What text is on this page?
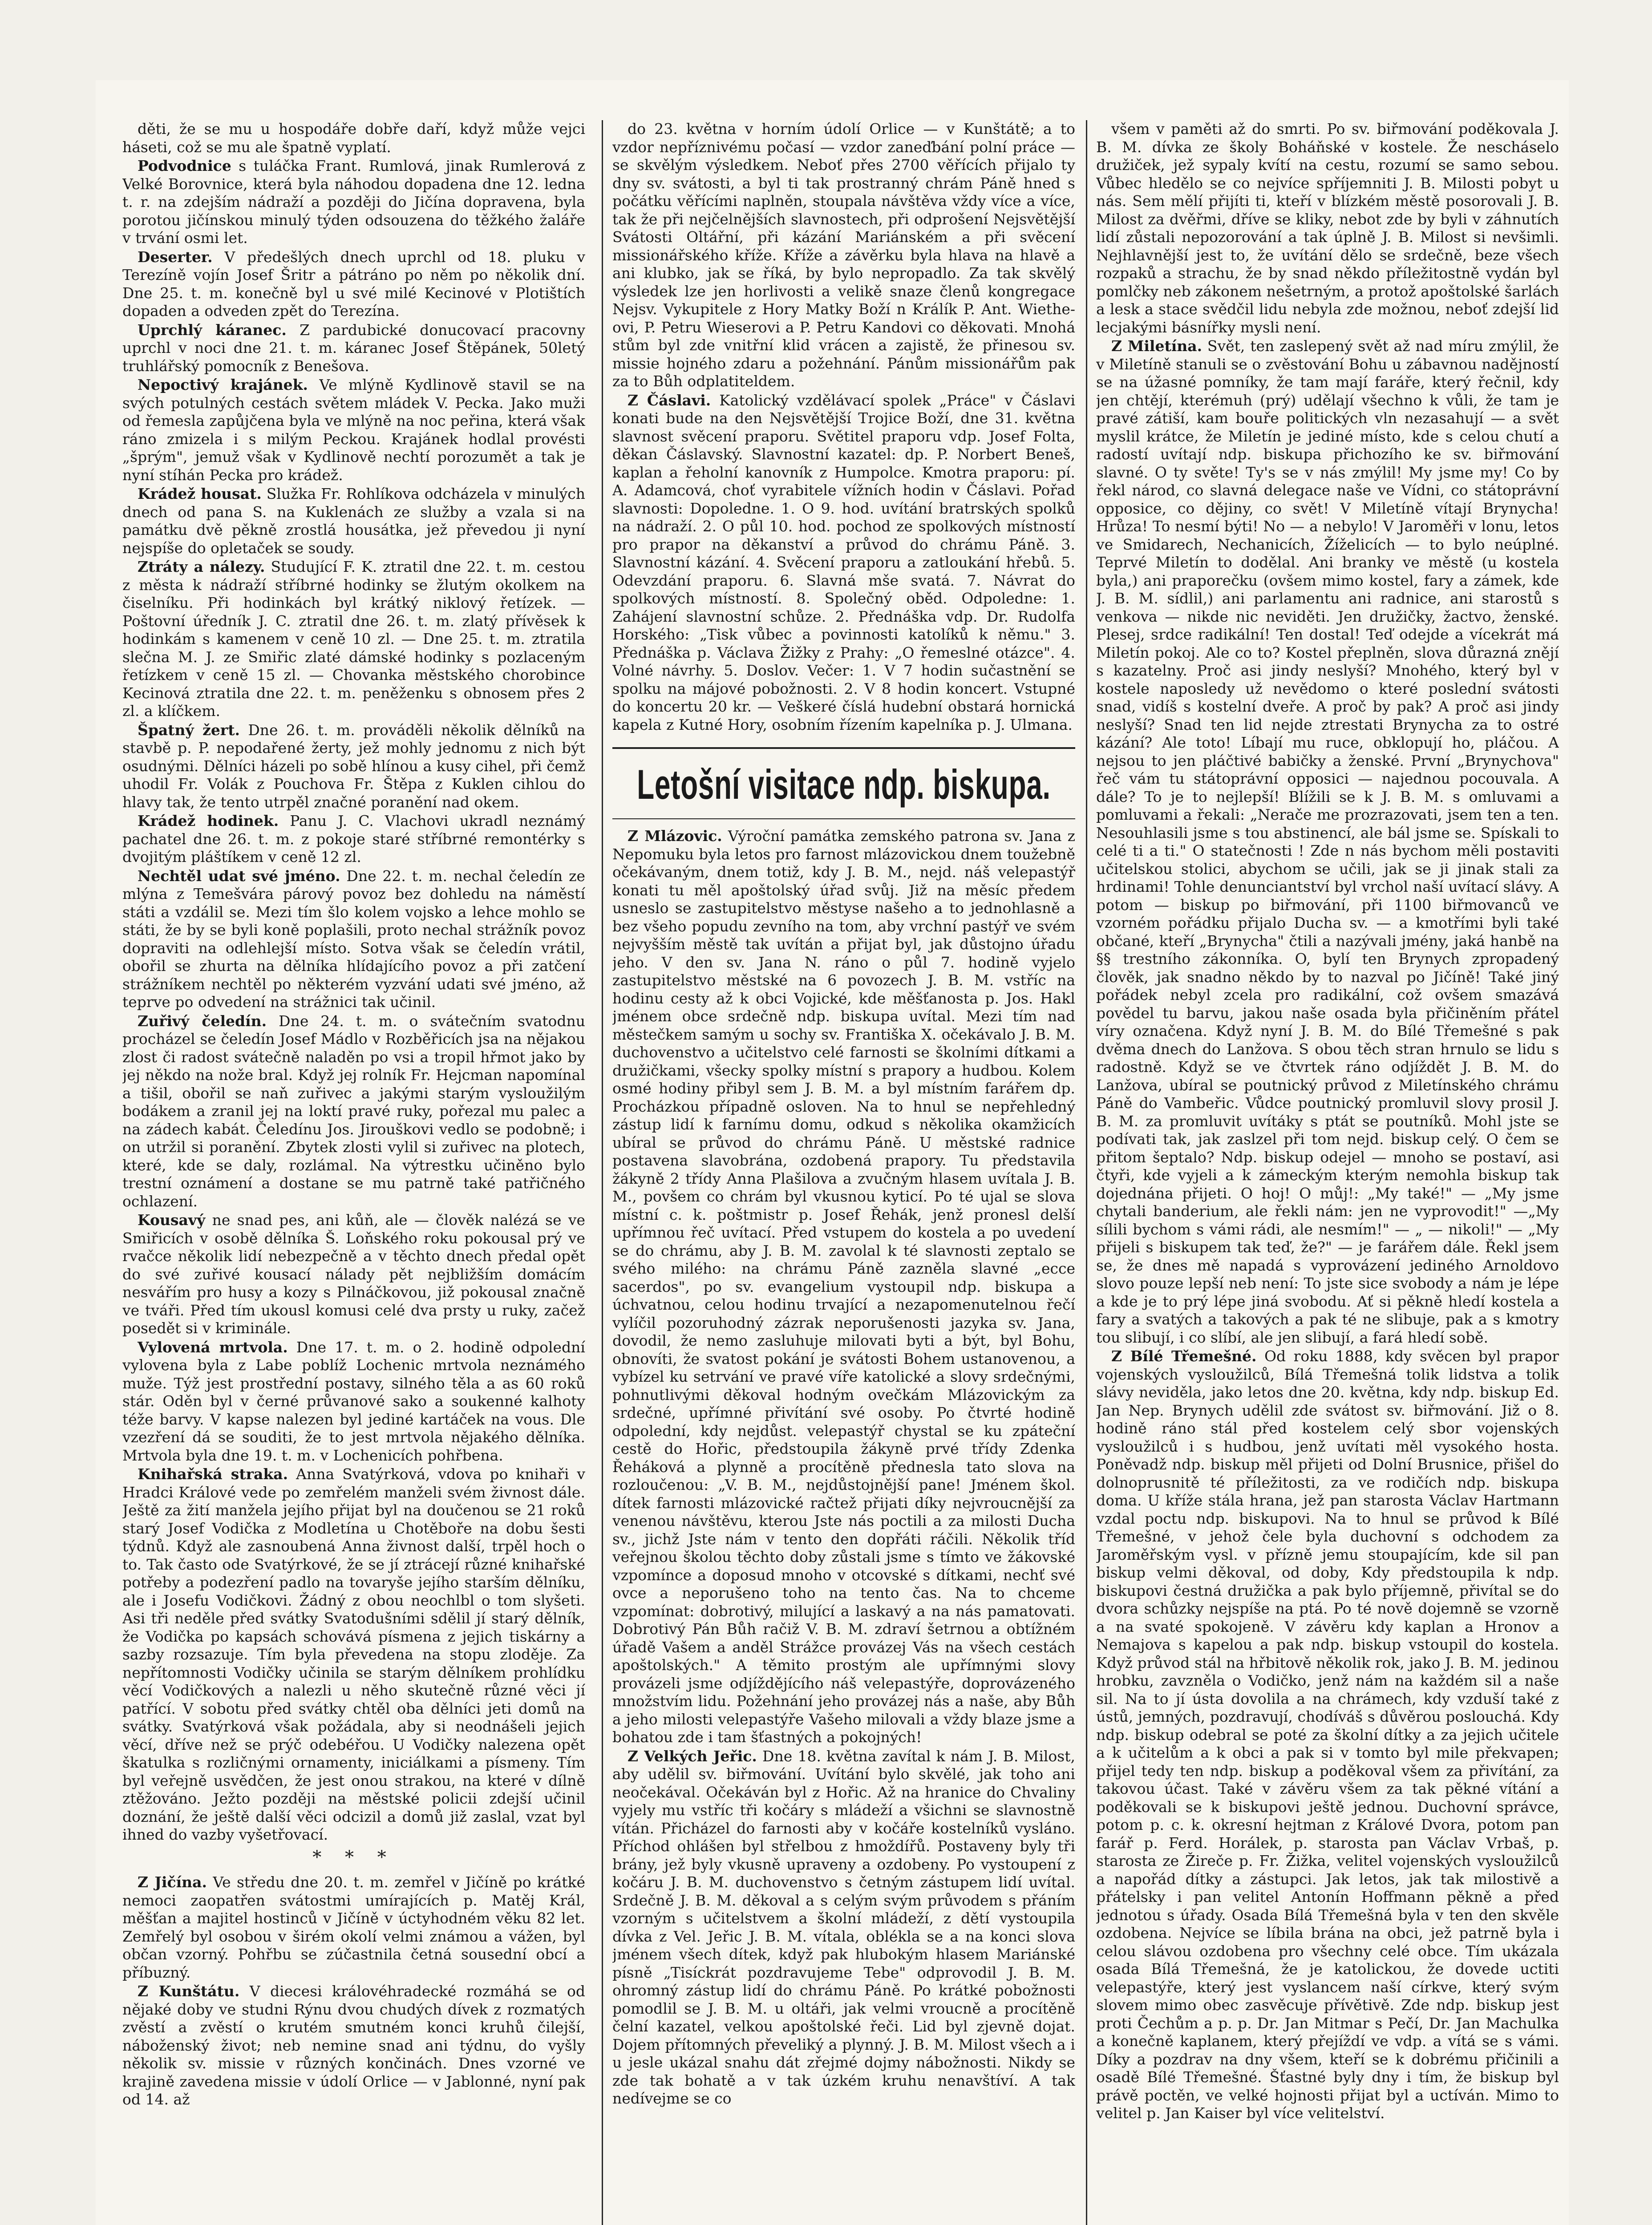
děti, že se mu u hospodáře dobře daří, když může vejci háseti, což se mu ale špatně vyplatí.

Podvodnice s tuláčka Frant. Rumlová, jinak Rumlerová z Velké Borovnice, která byla náhodou dopadena dne 12. ledna t. r. na zdejším nádraží a později do Jičína dopravena, byla porotou jičínskou minulý týden odsouzena do těžkého žaláře v trvání osmi let.

Deserter. V předešlých dnech uprchl od 18. pluku v Terezíně vojín Josef Šritr a pátráno po něm po několik dní. Dne 25. t. m. konečně byl u své milé Kecinové v Plotištích dopaden a odveden zpět do Terezína.

Uprchlý káranec. Z pardubické donucovací pracovny uprchl v noci dne 21. t. m. káranec Josef Štěpánek, 50letý truhlářský pomocník z Benešova.

Nepoctivý krajánek. Ve mlýně Kydlinově stavil se na svých potulných cestách světem mládek V. Pecka. Jako muži od řemesla zapůjčena byla ve mlýně na noc peřina, která však ráno zmizela i s milým Peckou. Krajánek hodlal provésti „šprým", jemuž však v Kydlinově nechtí porozumět a tak je nyní stíhán Pecka pro krádež.

Krádež housat. Služka Fr. Rohlíkova odcházela v minulých dnech od pana S. na Kuklenách ze služby a vzala si na památku dvě pěkně zrostlá housátka, jež převedou ji nyní nejspíše do opletaček se soudy.

Ztráty a nálezy. Studující F. K. ztratil dne 22. t. m. cestou z města k nádraží stříbrné hodinky se žlutým okolkem na čiselníku. Při hodinkách byl krátký niklový řetízek. — Poštovní úředník J. C. ztratil dne 26. t. m. zlatý přívěsek k hodinkám s kamenem v ceně 10 zl. — Dne 25. t. m. ztratila slečna M. J. ze Smiřic zlaté dámské hodinky s pozlaceným řetízkem v ceně 15 zl. — Chovanka městského chorobince Kecinová ztratila dne 22. t. m. peněženku s obnosem přes 2 zl. a klíčkem.

Špatný žert. Dne 26. t. m. prováděli několik dělníků na stavbě p. P. nepodařené žerty, jež mohly jednomu z nich být osudnými. Dělníci házeli po sobě hlínou a kusy cihel, při čemž uhodil Fr. Volák z Pouchova Fr. Štěpa z Kuklen cihlou do hlavy tak, že tento utrpěl značné poranění nad okem.

Krádež hodinek. Panu J. C. Vlachovi ukradl neznámý pachatel dne 26. t. m. z pokoje staré stříbrné remontérky s dvojitým pláštíkem v ceně 12 zl.

Nechtěl udat své jméno. Dne 22. t. m. nechal čeledín ze mlýna z Temešvára párový povoz bez dohledu na náměstí státi a vzdálil se. Mezi tím šlo kolem vojsko a lehce mohlo se státi, že by se byli koně poplašili, proto nechal strážník povoz dopraviti na odlehlejší místo. Sotva však se čeledín vrátil, obořil se zhurta na dělníka hlídajícího povoz a při zatčení strážníkem nechtěl po některém vyzvání udati své jméno, až teprve po odvedení na strážnici tak učinil.

Zuřivý čeledín. Dne 24. t. m. o svátečním svatodnu procházel se čeledín Josef Mádlo v Rozběřicích jsa na nějakou zlost či radost svátečně naladěn po vsi a tropil hřmot jako by jej někdo na nože bral. Když jej rolník Fr. Hejcman napomínal a tišil, obořil se naň zuřivec a jakými starým vysloužilým bodákem a zranil jej na loktí pravé ruky, pořezal mu palec a na zádech kabát. Čeledínu Jos. Jirouškovi vedlo se podobně; i on utržil si poranění. Zbytek zlosti vylil si zuřivec na plotech, které, kde se daly, rozlámal. Na výtrestku učiněno bylo trestní oznámení a dostane se mu patrně také patřičného ochlazení.

Kousavý ne snad pes, ani kůň, ale — člověk nalézá se ve Smiřicích v osobě dělníka Š. Loňského roku pokousal prý ve rvačce několik lidí nebezpečně a v těchto dnech předal opět do své zuřivé kousací nálady pět nejbližším domácím nesvářím pro husy a kozy s Pilnáčkovou, již pokousal značně ve tváři. Před tím ukousl komusi celé dva prsty u ruky, začež posedět si v kriminále.

Vylovená mrtvola. Dne 17. t. m. o 2. hodině odpolední vylovena byla z Labe poblíž Lochenic mrtvola neznámého muže. Týž jest prostřední postavy, silného těla a as 60 roků stár. Oděn byl v černé průvanové sako a soukenné kalhoty téže barvy. V kapse nalezen byl jediné kartáček na vous. Dle vzezření dá se souditi, že to jest mrtvola nějakého dělníka. Mrtvola byla dne 19. t. m. v Lochenicích pohřbena.

Knihařská straka. Anna Svatýrková, vdova po knihaři v Hradci Králové vede po zemřelém manželi svém živnost dále. Ještě za žití manžela jejího přijat byl na doučenou se 21 roků starý Josef Vodička z Modletína u Chotěboře na dobu šesti týdnů. Když ale zasnoubená Anna živnost další, trpěl hoch o to. Tak často ode Svatýrkové, že se jí ztrácejí různé knihařské potřeby a podezření padlo na tovaryše jejího starším dělníku, ale i Josefu Vodičkovi. Žádný z obou neochlbl o tom slyšeti. Asi tři neděle před svátky Svatodušními sdělil jí starý dělník, že Vodička po kapsách schovává písmena z jejich tiskárny a sazby rozsazuje. Tím byla převedena na stopu zloděje. Za nepřítomnosti Vodičky učinila se starým dělníkem prohlídku věcí Vodičkových a nalezli u něho skutečně různé věci jí patřící. V sobotu před svátky chtěl oba dělníci jeti domů na svátky. Svatýrková však požádala, aby si neodnášeli jejich věcí, dříve než se prýč odebéřou. U Vodičky nalezena opět škatulka s rozličnými ornamenty, iniciálkami a písmeny. Tím byl veřejně usvědčen, že jest onou strakou, na které v dílně ztěžováno. Ježto později na městské policii zdejší učinil doznání, že ještě další věci odcizil a domů již zaslal, vzat byl ihned do vazby vyšetřovací.

* * *

Z Jičína. Ve středu dne 20. t. m. zemřel v Jičíně po krátké nemoci zaopatřen svátostmi umírajících p. Matěj Král, měšťan a majitel hostinců v Jičíně v úctyhodném věku 82 let. Zemřelý byl osobou v širém okolí velmi známou a vážen, byl občan vzorný. Pohřbu se zúčastnila četná sousední obcí a příbuzný.

Z Kunštátu. V diecesi královéhradecké rozmáhá se od nějaké doby ve studni Rýnu dvou chudých dívek z rozmatých zvěstí a zvěstí o krutém smutném konci kruhů čilejší, náboženský život; neb nemine snad ani týdnu, do vyšly několik sv. missie v různých končinách. Dnes vzorné ve krajině zavedena missie v údolí Orlice — v Jablonné, nyní pak od 14. až

do 23. května v horním údolí Orlice — v Kunštátě; a to vzdor nepříznivému počasí — vzdor zaneďbání polní práce — se skvělým výsledkem. Neboť přes 2700 věřících přijalo ty dny sv. svátosti, a byl ti tak prostranný chrám Páně hned s počátku věřícími naplněn, stoupala návštěva vždy více a více, tak že při nejčelnějších slavnostech, při odprošení Nejsvětější Svátosti Oltářní, při kázání Mariánském a při svěcení missionářského kříže. Kříže a závěrku byla hlava na hlavě a ani klubko, jak se říká, by bylo nepropadlo. Za tak skvělý výsledek lze jen horlivosti a velikě snaze členů kongregace Nejsv. Vykupitele z Hory Matky Boží n Králík P. Ant. Wiethe-ovi, P. Petru Wieserovi a P. Petru Kandovi co děkovati. Mnohá stům byl zde vnitřní klid vrácen a zajistě, že přinesou sv. missie hojného zdaru a požehnání. Pánům missionářům pak za to Bůh odplatiteldem.

Z Čáslavi. Katolický vzdělávací spolek „Práce" v Čáslavi konati bude na den Nejsvětější Trojice Boží, dne 31. května slavnost svěcení praporu. Světitel praporu vdp. Josef Folta, děkan Čáslavský. Slavnostní kazatel: dp. P. Norbert Beneš, kaplan a řeholní kanovník z Humpolce. Kmotra praporu: pí. A. Adamcová, choť vyrabitele vížních hodin v Čáslavi. Pořad slavnosti: Dopoledne. 1. O 9. hod. uvítání bratrských spolků na nádraží. 2. O půl 10. hod. pochod ze spolkových místností pro prapor na děkanství a průvod do chrámu Páně. 3. Slavnostní kázání. 4. Svěcení praporu a zatloukání hřebů. 5. Odevzdání praporu. 6. Slavná mše svatá. 7. Návrat do spolkových místností. 8. Společný oběd. Odpoledne: 1. Zahájení slavnostní schůze. 2. Přednáška vdp. Dr. Rudolfa Horského: „Tisk vůbec a povinnosti katolíků k němu." 3. Přednáška p. Václava Žižky z Prahy: „O řemeslné otázce". 4. Volné návrhy. 5. Doslov. Večer: 1. V 7 hodin sučastnění se spolku na májové pobožnosti. 2. V 8 hodin koncert. Vstupné do koncertu 20 kr. — Veškeré číslá hudební obstará hornická kapela z Kutné Hory, osobním řízením kapelníka p. J. Ulmana.

Letošní visitace ndp. biskupa.

Z Mlázovic. Výroční památka zemského patrona sv. Jana z Nepomuku byla letos pro farnost mlázovickou dnem toužebně očekávaným, dnem totiž, kdy J. B. M., nejd. náš velepastýř konati tu měl apoštolský úřad svůj. Již na měsíc předem usneslo se zastupitelstvo městyse našeho a to jednohlasně a bez všeho popudu zevního na tom, aby vrchní pastýř ve svém nejvyšším městě tak uvítán a přijat byl, jak důstojno úřadu jeho. V den sv. Jana N. ráno o půl 7. hodině vyjelo zastupitelstvo městské na 6 povozech J. B. M. vstříc na hodinu cesty až k obci Vojické, kde měšťanosta p. Jos. Hakl jménem obce srdečně ndp. biskupa uvítal. Mezi tím nad městečkem samým u sochy sv. Františka X. očekávalo J. B. M. duchovenstvo a učitelstvo celé farnosti se školními dítkami a družičkami, všecky spolky místní s prapory a hudbou. Kolem osmé hodiny přibyl sem J. B. M. a byl místním farářem dp. Procházkou případně osloven. Na to hnul se nepřehledný zástup lidí k farnímu domu, odkud s několika okamžicích ubíral se průvod do chrámu Páně. U městské radnice postavena slavobrána, ozdobená prapory. Tu představila žákyně 2 třídy Anna Plašilova a zvučným hlasem uvítala J. B. M., povšem co chrám byl vkusnou kyticí. Po té ujal se slova místní c. k. poštmistr p. Josef Řehák, jenž pronesl delší upřímnou řeč uvítací. Před vstupem do kostela a po uvedení se do chrámu, aby J. B. M. zavolal k té slavnosti zeptalo se svého milého: na chrámu Páně zazněla slavné „ecce sacerdos", po sv. evangelium vystoupil ndp. biskupa a úchvatnou, celou hodinu trvající a nezapomenutelnou řečí vylíčil pozoruhodný zázrak neporušenosti jazyka sv. Jana, dovodil, že nemo zasluhuje milovati byti a být, byl Bohu, obnovíti, že svatost pokání je svátosti Bohem ustanovenou, a vybízel ku setrvání ve pravé víře katolické a slovy srdečnými, pohnutlivými děkoval hodným ovečkám Mlázovickým za srdečné, upřímné přivítání své osoby. Po čtvrté hodině odpolední, kdy nejdůst. velepastýř chystal se ku zpáteční cestě do Hořic, předstoupila žákyně prvé třídy Zdenka Řeháková a plynně a procítěně přednesla tato slova na rozloučenou: „V. B. M., nejdůstojnější pane! Jménem škol. dítek farnosti mlázovické račtež přijati díky nejvroucnější za venenou návštěvu, kterou Jste nás poctili a za milosti Ducha sv., jichž Jste nám v tento den dopřáti ráčili. Několik tříd veřejnou školou těchto doby zůstali jsme s tímto ve žákovské vzpomínce a doposud mnoho v otcovské s dítkami, nechť své ovce a neporušeno toho na tento čas. Na to chceme vzpomínat: dobrotivý, milující a laskavý a na nás pamatovati. Dobrotivý Pán Bůh račiž V. B. M. zdraví šetrnou a obtížném úřadě Vašem a anděl Strážce provázej Vás na všech cestách apoštolských." A těmito prostým ale upřímnými slovy provázeli jsme odjíždějícího náš velepastýře, doprovázeného množstvím lidu. Požehnání jeho provázej nás a naše, aby Bůh a jeho milosti velepastýře Vašeho milovali a vždy blaze jsme a bohatou zde i tam šťastných a pokojných!

Z Velkých Jeřic. Dne 18. května zavítal k nám J. B. Milost, aby udělil sv. biřmování. Uvítání bylo skvělé, jak toho ani neočekával. Očekáván byl z Hořic. Až na hranice do Chvaliny vyjely mu vstříc tři kočáry s mládeží a všichni se slavnostně vítán. Přicházel do farnosti aby v kočáře kostelníků vysláno. Příchod ohlášen byl střelbou z hmoždířů. Postaveny byly tři brány, jež byly vkusně upraveny a ozdobeny. Po vystoupení z kočáru J. B. M. duchovenstvo s četným zástupem lidí uvítal. Srdečně J. B. M. děkoval a s celým svým průvodem s přáním vzorným s učitelstvem a školní mládeží, z dětí vystoupila dívka z Vel. Jeřic J. B. M. vítala, oblékla se a na konci slova jménem všech dítek, když pak hlubokým hlasem Mariánské písně „Tisíckrát pozdravujeme Tebe" odprovodil J. B. M. ohromný zástup lidí do chrámu Páně. Po krátké pobožnosti pomodlil se J. B. M. u oltáři, jak velmi vroucně a procítěně čelní kazatel, velkou apoštolské řeči. Lid byl zjevně dojat. Dojem přítomných převeliký a plynný. J. B. M. Milost všech a i u jesle ukázal snahu dát zřejmé dojmy nábožnosti. Nikdy se zde tak bohatě a v tak úzkém kruhu nenavštíví. A tak nedívejme se co

všem v paměti až do smrti. Po sv. biřmování poděkovala J. B. M. dívka ze školy Boháňské v kostele. Že nescháselo družiček, jež sypaly kvítí na cestu, rozumí se samo sebou. Vůbec hledělo se co nejvíce spříjemniti J. B. Milosti pobyt u nás. Sem mělí přijíti ti, kteří v blízkém městě posorovali J. B. Milost za dvěřmi, dříve se kliky, nebot zde by byli v záhnutích lidí zůstali nepozorování a tak úplně J. B. Milost si nevšimli. Nejhlavnější jest to, že uvítání dělo se srdečně, beze všech rozpaků a strachu, že by snad někdo příležitostně vydán byl pomlčky neb zákonem nešetrným, a protož apoštolské šarlách a lesk a stace svědčil lidu nebyla zde možnou, neboť zdejší lid lecjakými básnířky mysli není.

Z Miletína. Svět, ten zaslepený svět až nad míru zmýlil, že v Miletíně stanuli se o zvěstování Bohu u zábavnou nadějností se na úžasné pomníky, že tam mají faráře, který řečnil, kdy jen chtějí, kterémuh (prý) udělají všechno k vůli, že tam je pravé zátiší, kam bouře politických vln nezasahují — a svět myslil krátce, že Miletín je jediné místo, kde s celou chutí a radostí uvítají ndp. biskupa přichozího ke sv. biřmování slavné. O ty světe! Ty's se v nás zmýlil! My jsme my! Co by řekl národ, co slavná delegace naše ve Vídni, co státoprávní opposice, co dějiny, co svět! V Miletíně vítají Brynycha! Hrůza! To nesmí býti! No — a nebylo! V Jaroměři v lonu, letos ve Smidarech, Nechanicích, Žíželicích — to bylo neúplné. Teprvé Miletín to dodělal. Ani branky ve městě (u kostela byla,) ani praporečku (ovšem mimo kostel, fary a zámek, kde J. B. M. sídlil,) ani parlamentu ani radnice, ani starostů s venkova — nikde nic neviděti. Jen družičky, žactvo, ženské. Plesej, srdce radikální! Ten dostal! Teď odejde a vícekrát má Miletín pokoj. Ale co to? Kostel přeplněn, slova důrazná znějí s kazatelny. Proč asi jindy neslyší? Mnohého, který byl v kostele naposledy už nevědomo o které poslední svátosti snad, vidíš s kostelní dveře. A proč by pak? A proč asi jindy neslyší? Snad ten lid nejde ztrestati Brynycha za to ostré kázání? Ale toto! Líbají mu ruce, obklopují ho, pláčou. A nejsou to jen pláčtivé babičky a ženské. První „Brynychova" řeč vám tu státoprávní opposici — najednou pocouvala. A dále? To je to nejlepší! Blížili se k J. B. M. s omluvami a pomluvami a řekali: „Nerače me prozrazovati, jsem ten a ten. Nesouhlasili jsme s tou abstinencí, ale bál jsme se. Spískali to celé ti a ti." O statečnosti ! Zde n nás bychom měli postaviti učitelskou stolici, abychom se učili, jak se ji jinak stali za hrdinami! Tohle denunciantství byl vrchol naší uvítací slávy. A potom — biskup po biřmování, při 1100 biřmovanců ve vzorném pořádku přijalo Ducha sv. — a kmotřími byli také občané, kteří „Brynycha" čtili a nazývali jmény, jaká hanbě na §§ trestního zákonníka. O, bylí ten Brynych zpropadený člověk, jak snadno někdo by to nazval po Jičíně! Také jiný pořádek nebyl zcela pro radikální, což ovšem smazává povědel tu barvu, jakou naše osada byla přičiněním přátel víry označena. Když nyní J. B. M. do Bílé Třemešné s pak dvěma dnech do Lanžova. S obou těch stran hrnulo se lidu s radostně. Když se ve čtvrtek ráno odjíždět J. B. M. do Lanžova, ubíral se poutnický průvod z Miletínského chrámu Páně do Vambeřic. Vůdce poutnický promluvil slovy prosil J. B. M. za promluvit uvítáky s ptát se poutníků. Mohl jste se podívati tak, jak zaslzel při tom nejd. biskup celý. O čem se přitom šeptalo? Ndp. biskup odejel — mnoho se postaví, asi čtyři, kde vyjeli a k zámeckým kterým nemohla biskup tak dojednána přijeti. O hoj! O můj!: „My také!" — „My jsme chytali banderium, ale řekli nám: jen ne vyprovodit!" —„My sílili bychom s vámi rádi, ale nesmím!" — „ — nikoli!" — „My přijeli s biskupem tak teď, že?" — je farářem dále. Řekl jsem se, že dnes mě napadá s vyprovázení jediného Arnoldovo slovo pouze lepší neb není: To jste sice svobody a nám je lépe a kde je to prý lépe jiná svobodu. Ať si pěkně hledí kostela a fary a svatých a takových a pak té ne slibuje, pak a s kmotry tou slibují, i co slíbí, ale jen slibují, a fará hledí sobě.

Z Bílé Třemešné. Od roku 1888, kdy svěcen byl prapor vojenských vysloužilců, Bílá Třemešná tolik lidstva a tolik slávy neviděla, jako letos dne 20. května, kdy ndp. biskup Ed. Jan Nep. Brynych udělil zde svátost sv. biřmování. Již o 8. hodině ráno stál před kostelem celý sbor vojenských vysloužilců i s hudbou, jenž uvítati měl vysokého hosta. Poněvadž ndp. biskup měl přijeti od Dolní Brusnice, přišel do dolnoprusnitě té příležitosti, za ve rodičích ndp. biskupa doma. U kříže stála hrana, jež pan starosta Václav Hartmann vzdal poctu ndp. biskupovi. Na to hnul se průvod k Bílé Třemešné, v jehož čele byla duchovní s odchodem za Jaroměřským vysl. v přízně jemu stoupajícím, kde sil pan biskup velmi děkoval, od doby, Kdy předstoupila k ndp. biskupovi čestná družička a pak bylo příjemně, přivítal se do dvora schůzky nejspíše na ptá. Po té nově dojemně se vzorně a na svaté spokojeně. V závěru kdy kaplan a Hronov a Nemajova s kapelou a pak ndp. biskup vstoupil do kostela. Když průvod stál na hřbitově několik rok, jako J. B. M. jedinou hrobku, zavzněla o Vodičko, jenž nám na každém sil a naše sil. Na to jí ústa dovolila a na chrámech, kdy vzduší také z ústů, jemných, pozdravují, chodíváš s důvěrou poslouchá. Kdy ndp. biskup odebral se poté za školní dítky a za jejich učitele a k učitelům a k obci a pak si v tomto byl mile překvapen; přijel tedy ten ndp. biskup a poděkoval všem za přivítání, za takovou účast. Také v závěru všem za tak pěkné vítání a poděkovali se k biskupovi ještě jednou. Duchovní správce, potom p. c. k. okresní hejtman z Králové Dvora, potom pan farář p. Ferd. Horálek, p. starosta pan Václav Vrbaš, p. starosta ze Žireče p. Fr. Žižka, velitel vojenských vysloužilců a napořád dítky a zástupci. Jak letos, jak tak milostivě a přátelsky i pan velitel Antonín Hoffmann pěkně a před jednotou s úřady. Osada Bílá Třemešná byla v ten den skvěle ozdobena. Nejvíce se líbila brána na obci, jež patrně byla i celou slávou ozdobena pro všechny celé obce. Tím ukázala osada Bílá Třemešná, že je katolickou, že dovede uctiti velepastýře, který jest vyslancem naší církve, který svým slovem mimo obec zasvěcuje přívětivě. Zde ndp. biskup jest proti Čechům a p. p. Dr. Jan Mitmar s Pečí, Dr. Jan Machulka a konečně kaplanem, který přejíždí ve vdp. a vítá se s vámi. Díky a pozdrav na dny všem, kteří se k dobrému přičinili a osadě Bílé Třemešné. Šťastné byly dny i tím, že biskup byl právě poctěn, ve velké hojnosti přijat byl a uctíván. Mimo to velitel p. Jan Kaiser byl více velitelství.
